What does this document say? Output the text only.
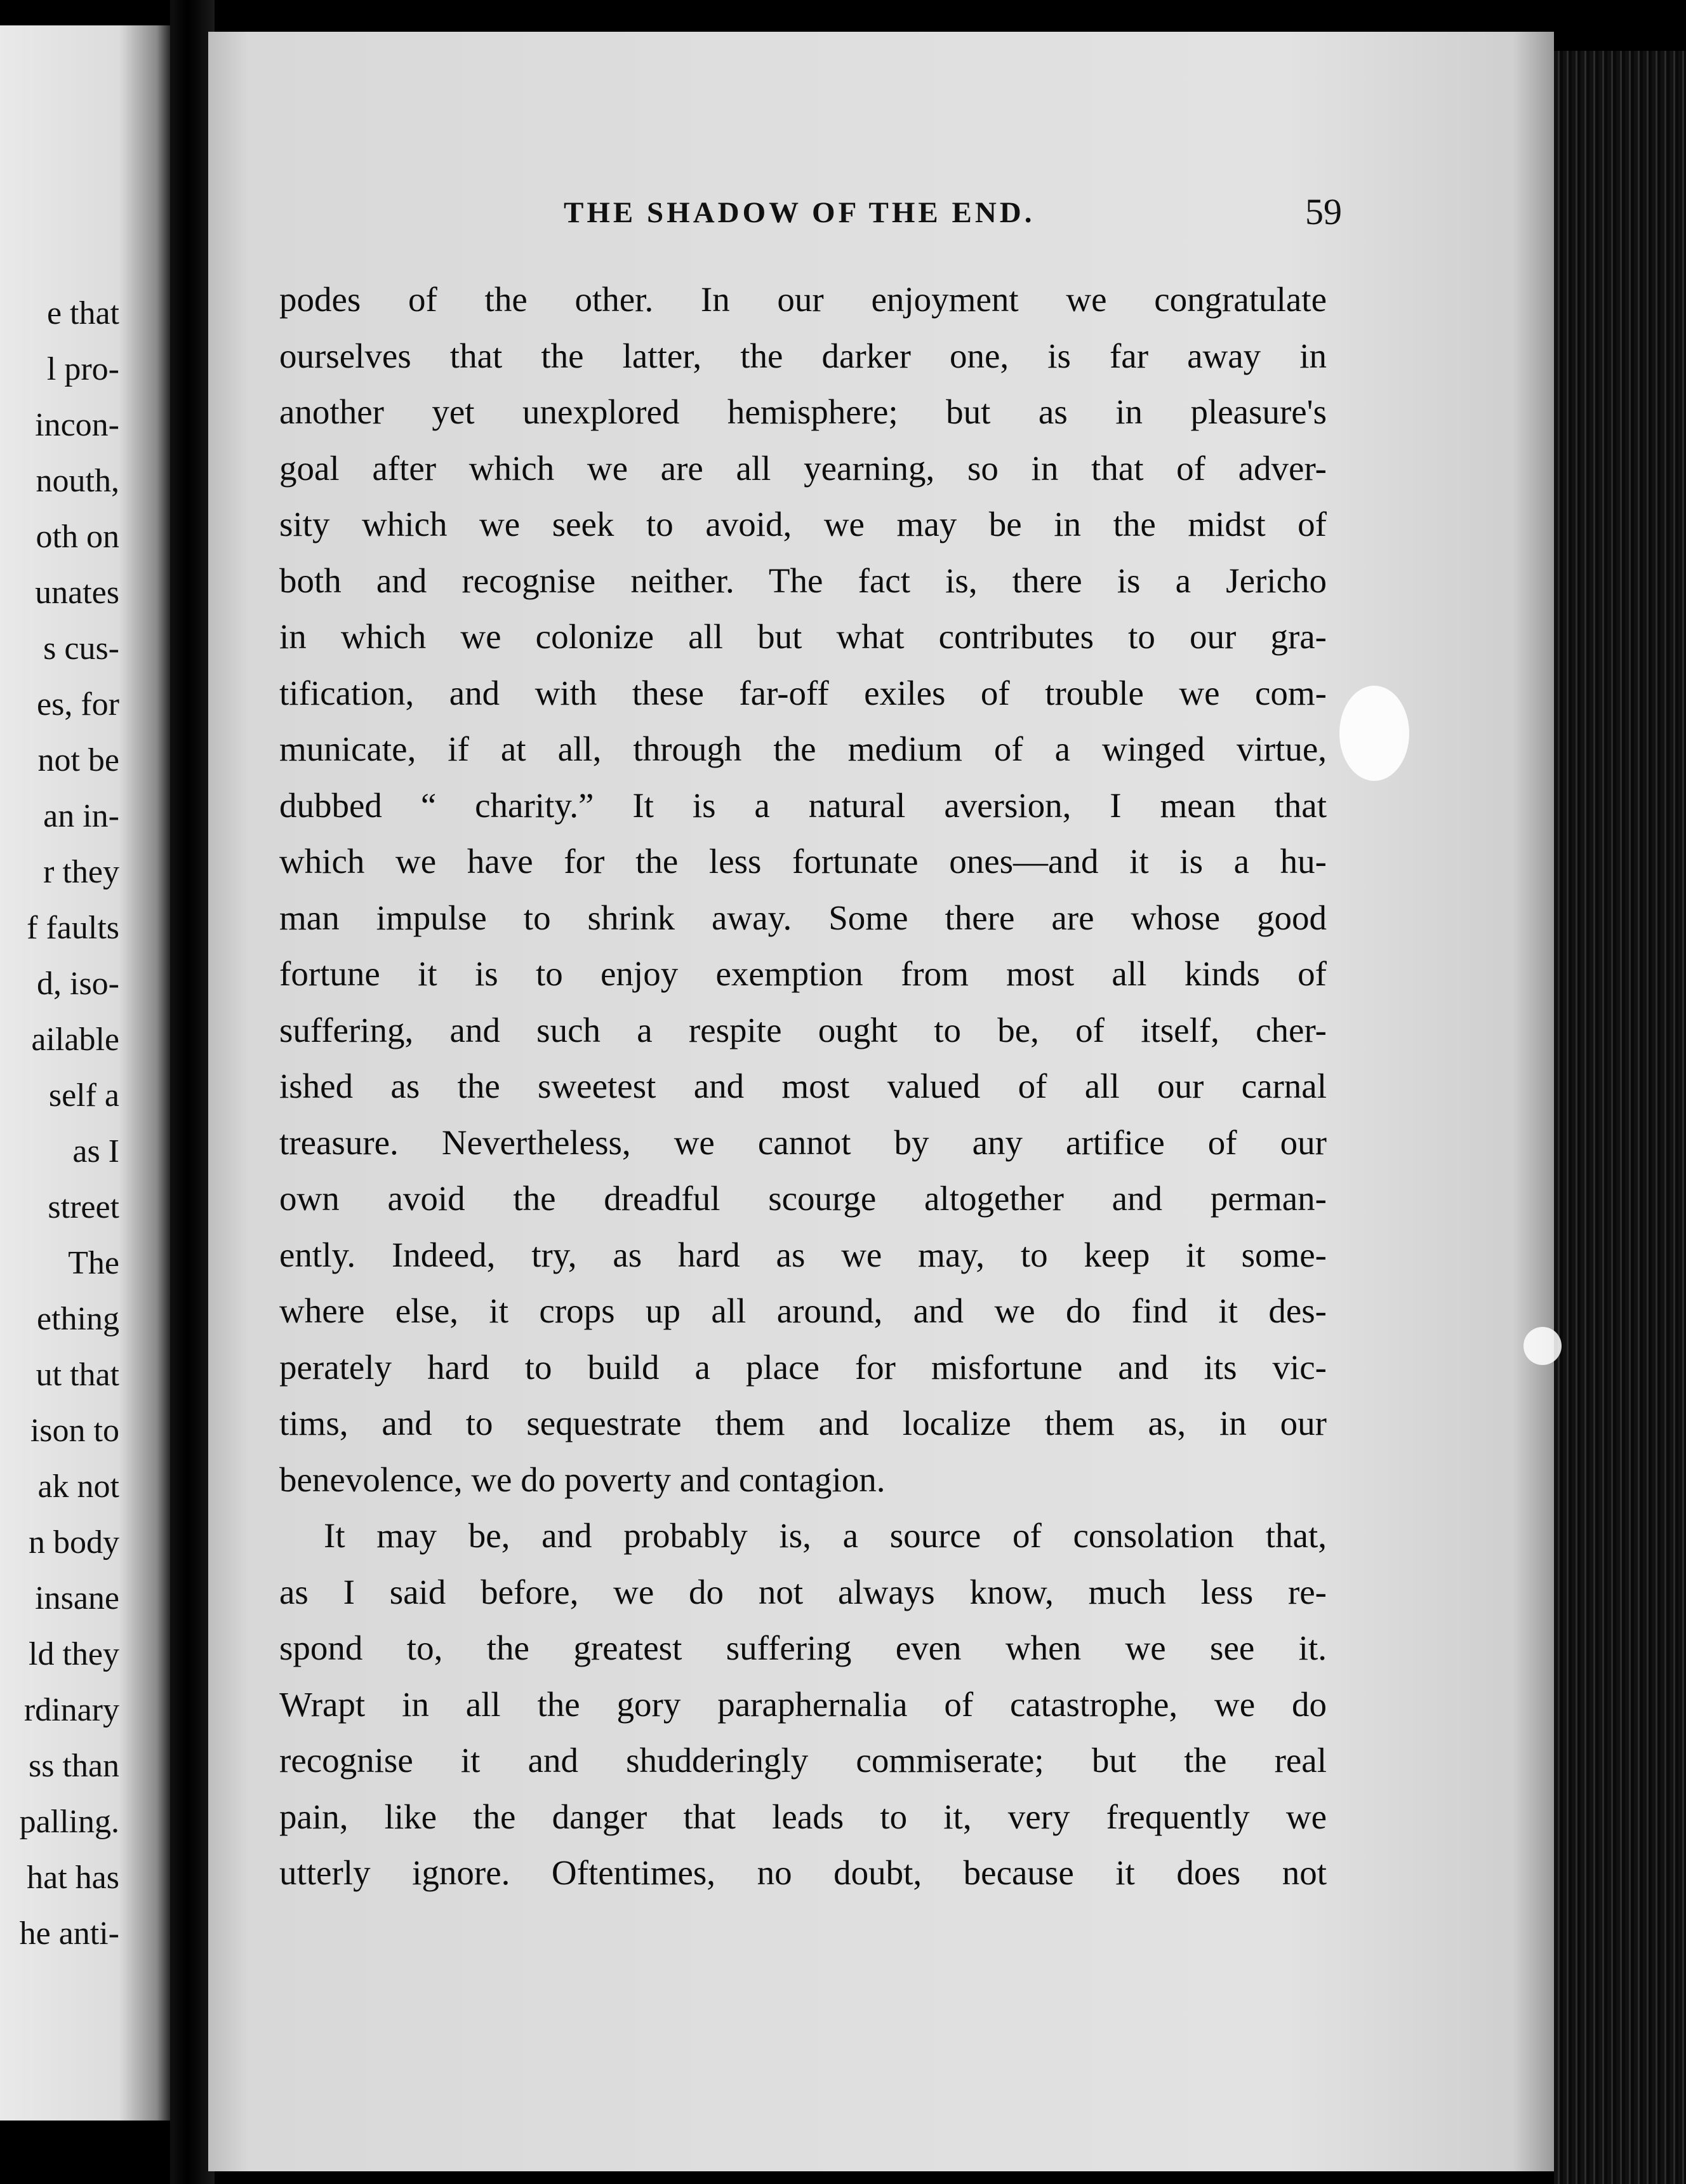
e that
l pro-
incon-
nouth,
oth on
unates
s cus-
es, for
not be
an in-
r they
f faults
d, iso-
ailable
self a
as I
street
The
ething
ut that
ison to
ak not
n body
insane
ld they
rdinary
ss than
palling.
hat has
he anti-
THE SHADOW OF THE END.	59
podes of the other. In our enjoyment we congratulate
ourselves that the latter, the darker one, is far away in
another yet unexplored hemisphere; but as in pleasure's
goal after which we are all yearning, so in that of adver-
sity which we seek to avoid, we may be in the midst of
both and recognise neither. The fact is, there is a Jericho
in which we colonize all but what contributes to our gra-
tification, and with these far-off exiles of trouble we com-
municate, if at all, through the medium of a winged virtue,
dubbed “ charity.” It is a natural aversion, I mean that
which we have for the less fortunate ones—and it is a hu-
man impulse to shrink away. Some there are whose good
fortune it is to enjoy exemption from most all kinds of
suffering, and such a respite ought to be, of itself, cher-
ished as the sweetest and most valued of all our carnal
treasure. Nevertheless, we cannot by any artifice of our
own avoid the dreadful scourge altogether and perman-
ently. Indeed, try, as hard as we may, to keep it some-
where else, it crops up all around, and we do find it des-
perately hard to build a place for misfortune and its vic-
tims, and to sequestrate them and localize them as, in our
benevolence, we do poverty and contagion.
It may be, and probably is, a source of consolation that,
as I said before, we do not always know, much less re-
spond to, the greatest suffering even when we see it.
Wrapt in all the gory paraphernalia of catastrophe, we do
recognise it and shudderingly commiserate; but the real
pain, like the danger that leads to it, very frequently we
utterly ignore. Oftentimes, no doubt, because it does not
